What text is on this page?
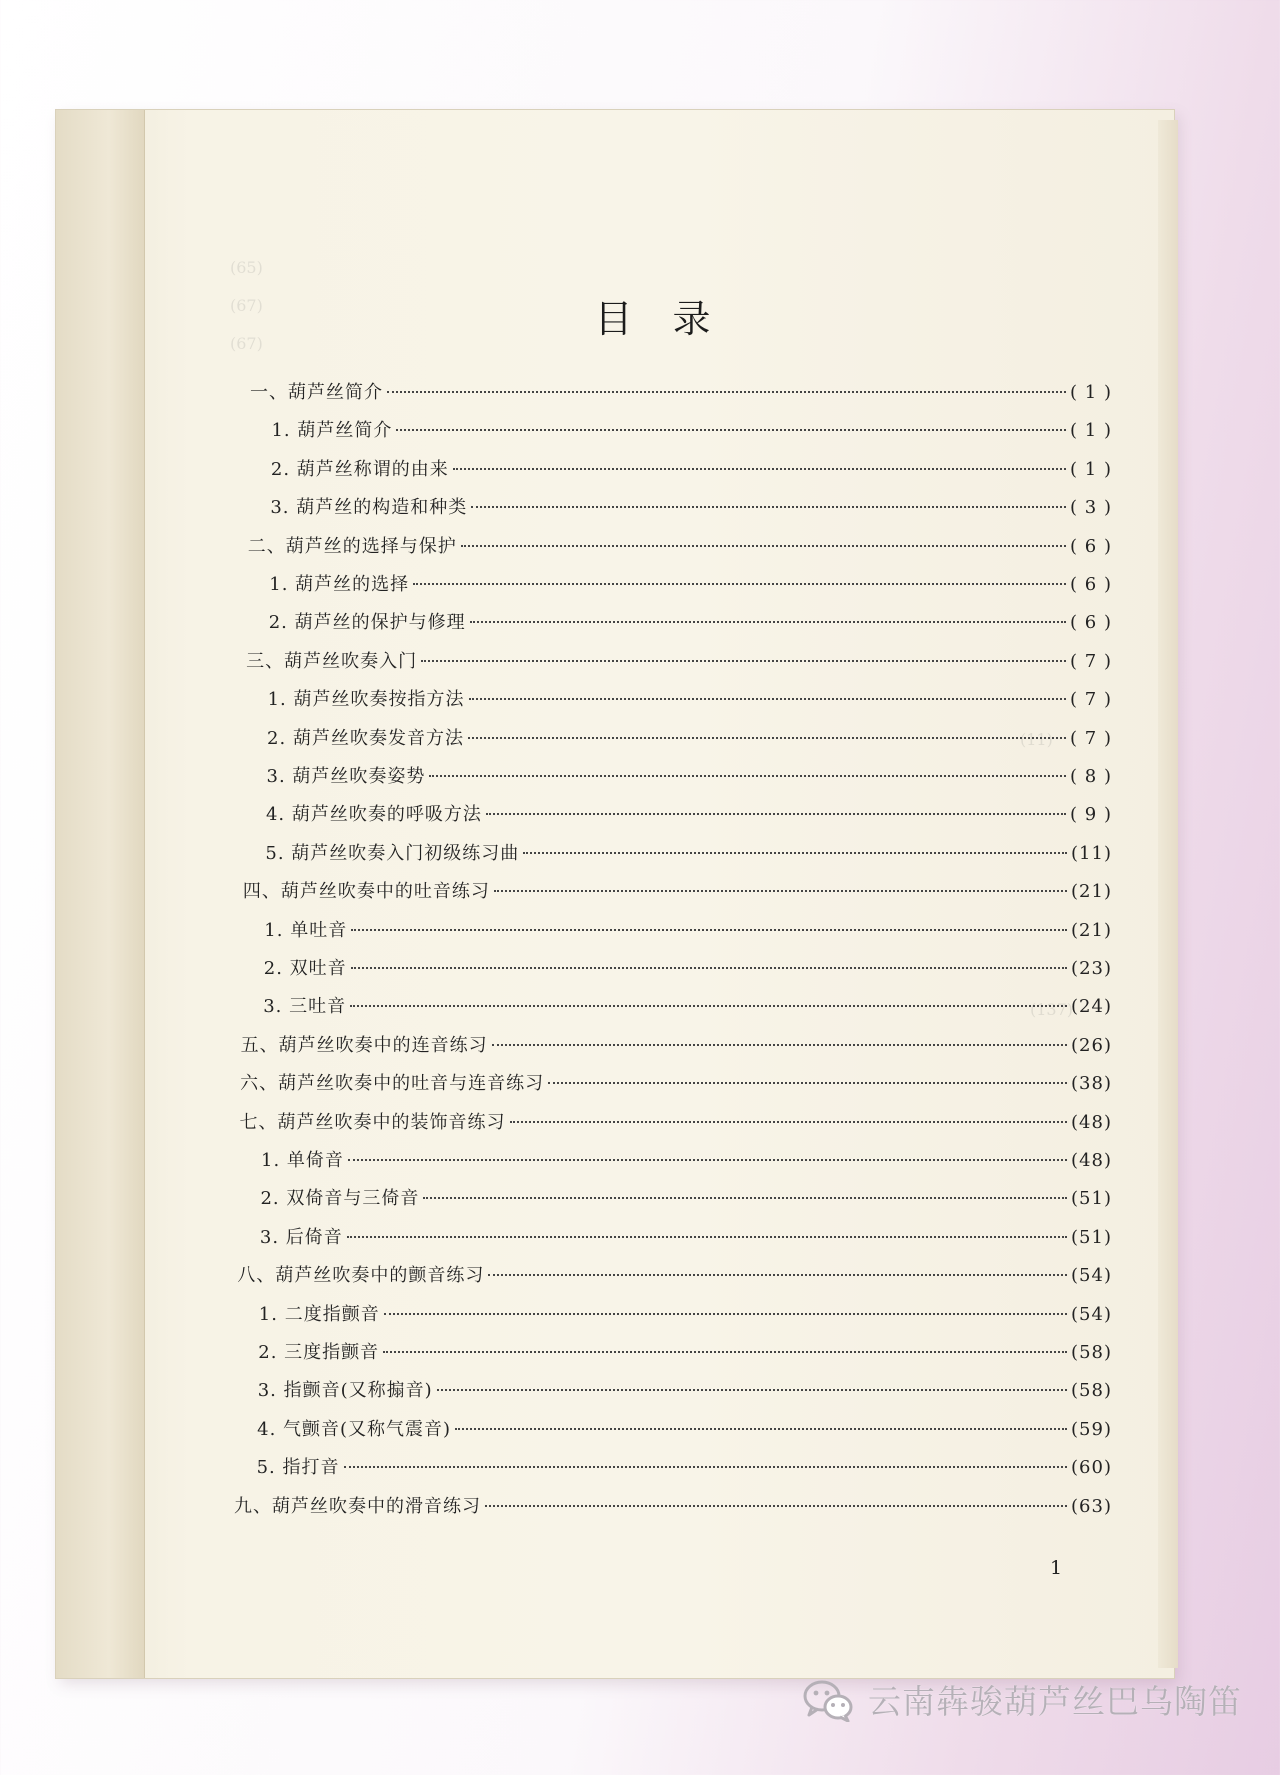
(65)
(67)
(67)
(11)
(137)
目录
一、葫芦丝简介	( 1 )
1. 葫芦丝简介	( 1 )
2. 葫芦丝称谓的由来	( 1 )
3. 葫芦丝的构造和种类	( 3 )
二、葫芦丝的选择与保护	( 6 )
1. 葫芦丝的选择	( 6 )
2. 葫芦丝的保护与修理	( 6 )
三、葫芦丝吹奏入门	( 7 )
1. 葫芦丝吹奏按指方法	( 7 )
2. 葫芦丝吹奏发音方法	( 7 )
3. 葫芦丝吹奏姿势	( 8 )
4. 葫芦丝吹奏的呼吸方法	( 9 )
5. 葫芦丝吹奏入门初级练习曲	(11)
四、葫芦丝吹奏中的吐音练习	(21)
1. 单吐音	(21)
2. 双吐音	(23)
3. 三吐音	(24)
五、葫芦丝吹奏中的连音练习	(26)
六、葫芦丝吹奏中的吐音与连音练习	(38)
七、葫芦丝吹奏中的装饰音练习	(48)
1. 单倚音	(48)
2. 双倚音与三倚音	(51)
3. 后倚音	(51)
八、葫芦丝吹奏中的颤音练习	(54)
1. 二度指颤音	(54)
2. 三度指颤音	(58)
3. 指颤音(又称搧音)	(58)
4. 气颤音(又称气震音)	(59)
5. 指打音	(60)
九、葫芦丝吹奏中的滑音练习	(63)
1
云南犇骏葫芦丝巴乌陶笛
